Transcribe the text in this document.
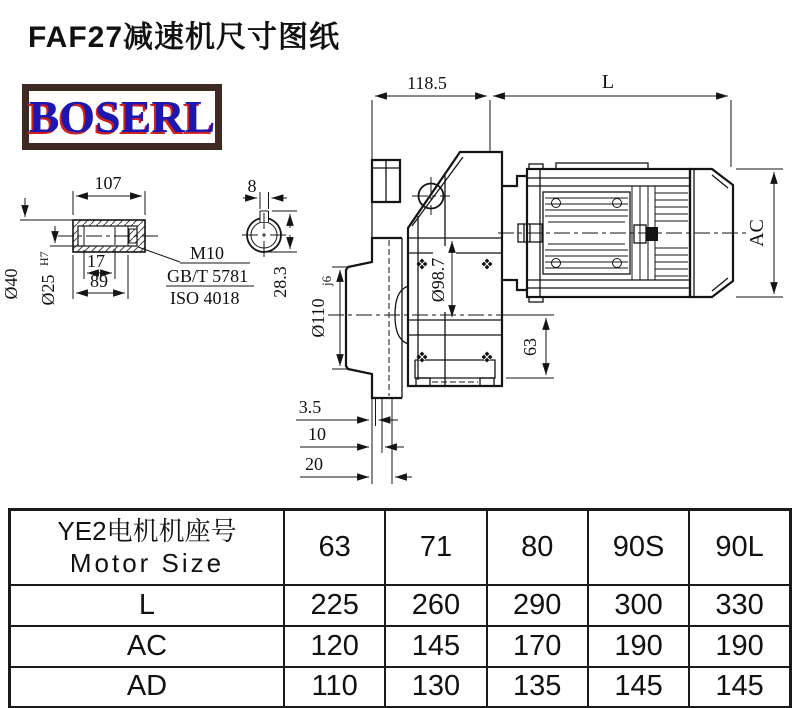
FAF27减速机尺寸图纸
BOSERL
107
17
89
Ø40 Ø25
H7	M10
GB/T 5781
ISO 4018
8
28.3
118.5	L
AC
Ø98.7
Ø110
j6
63
3.5
10
20
YE2电机机座号
Motor Size	63	71	80	90S	90L
L	225	260	290	300	330
AC	120	145	170	190	190
AD	110	130	135	145	145
